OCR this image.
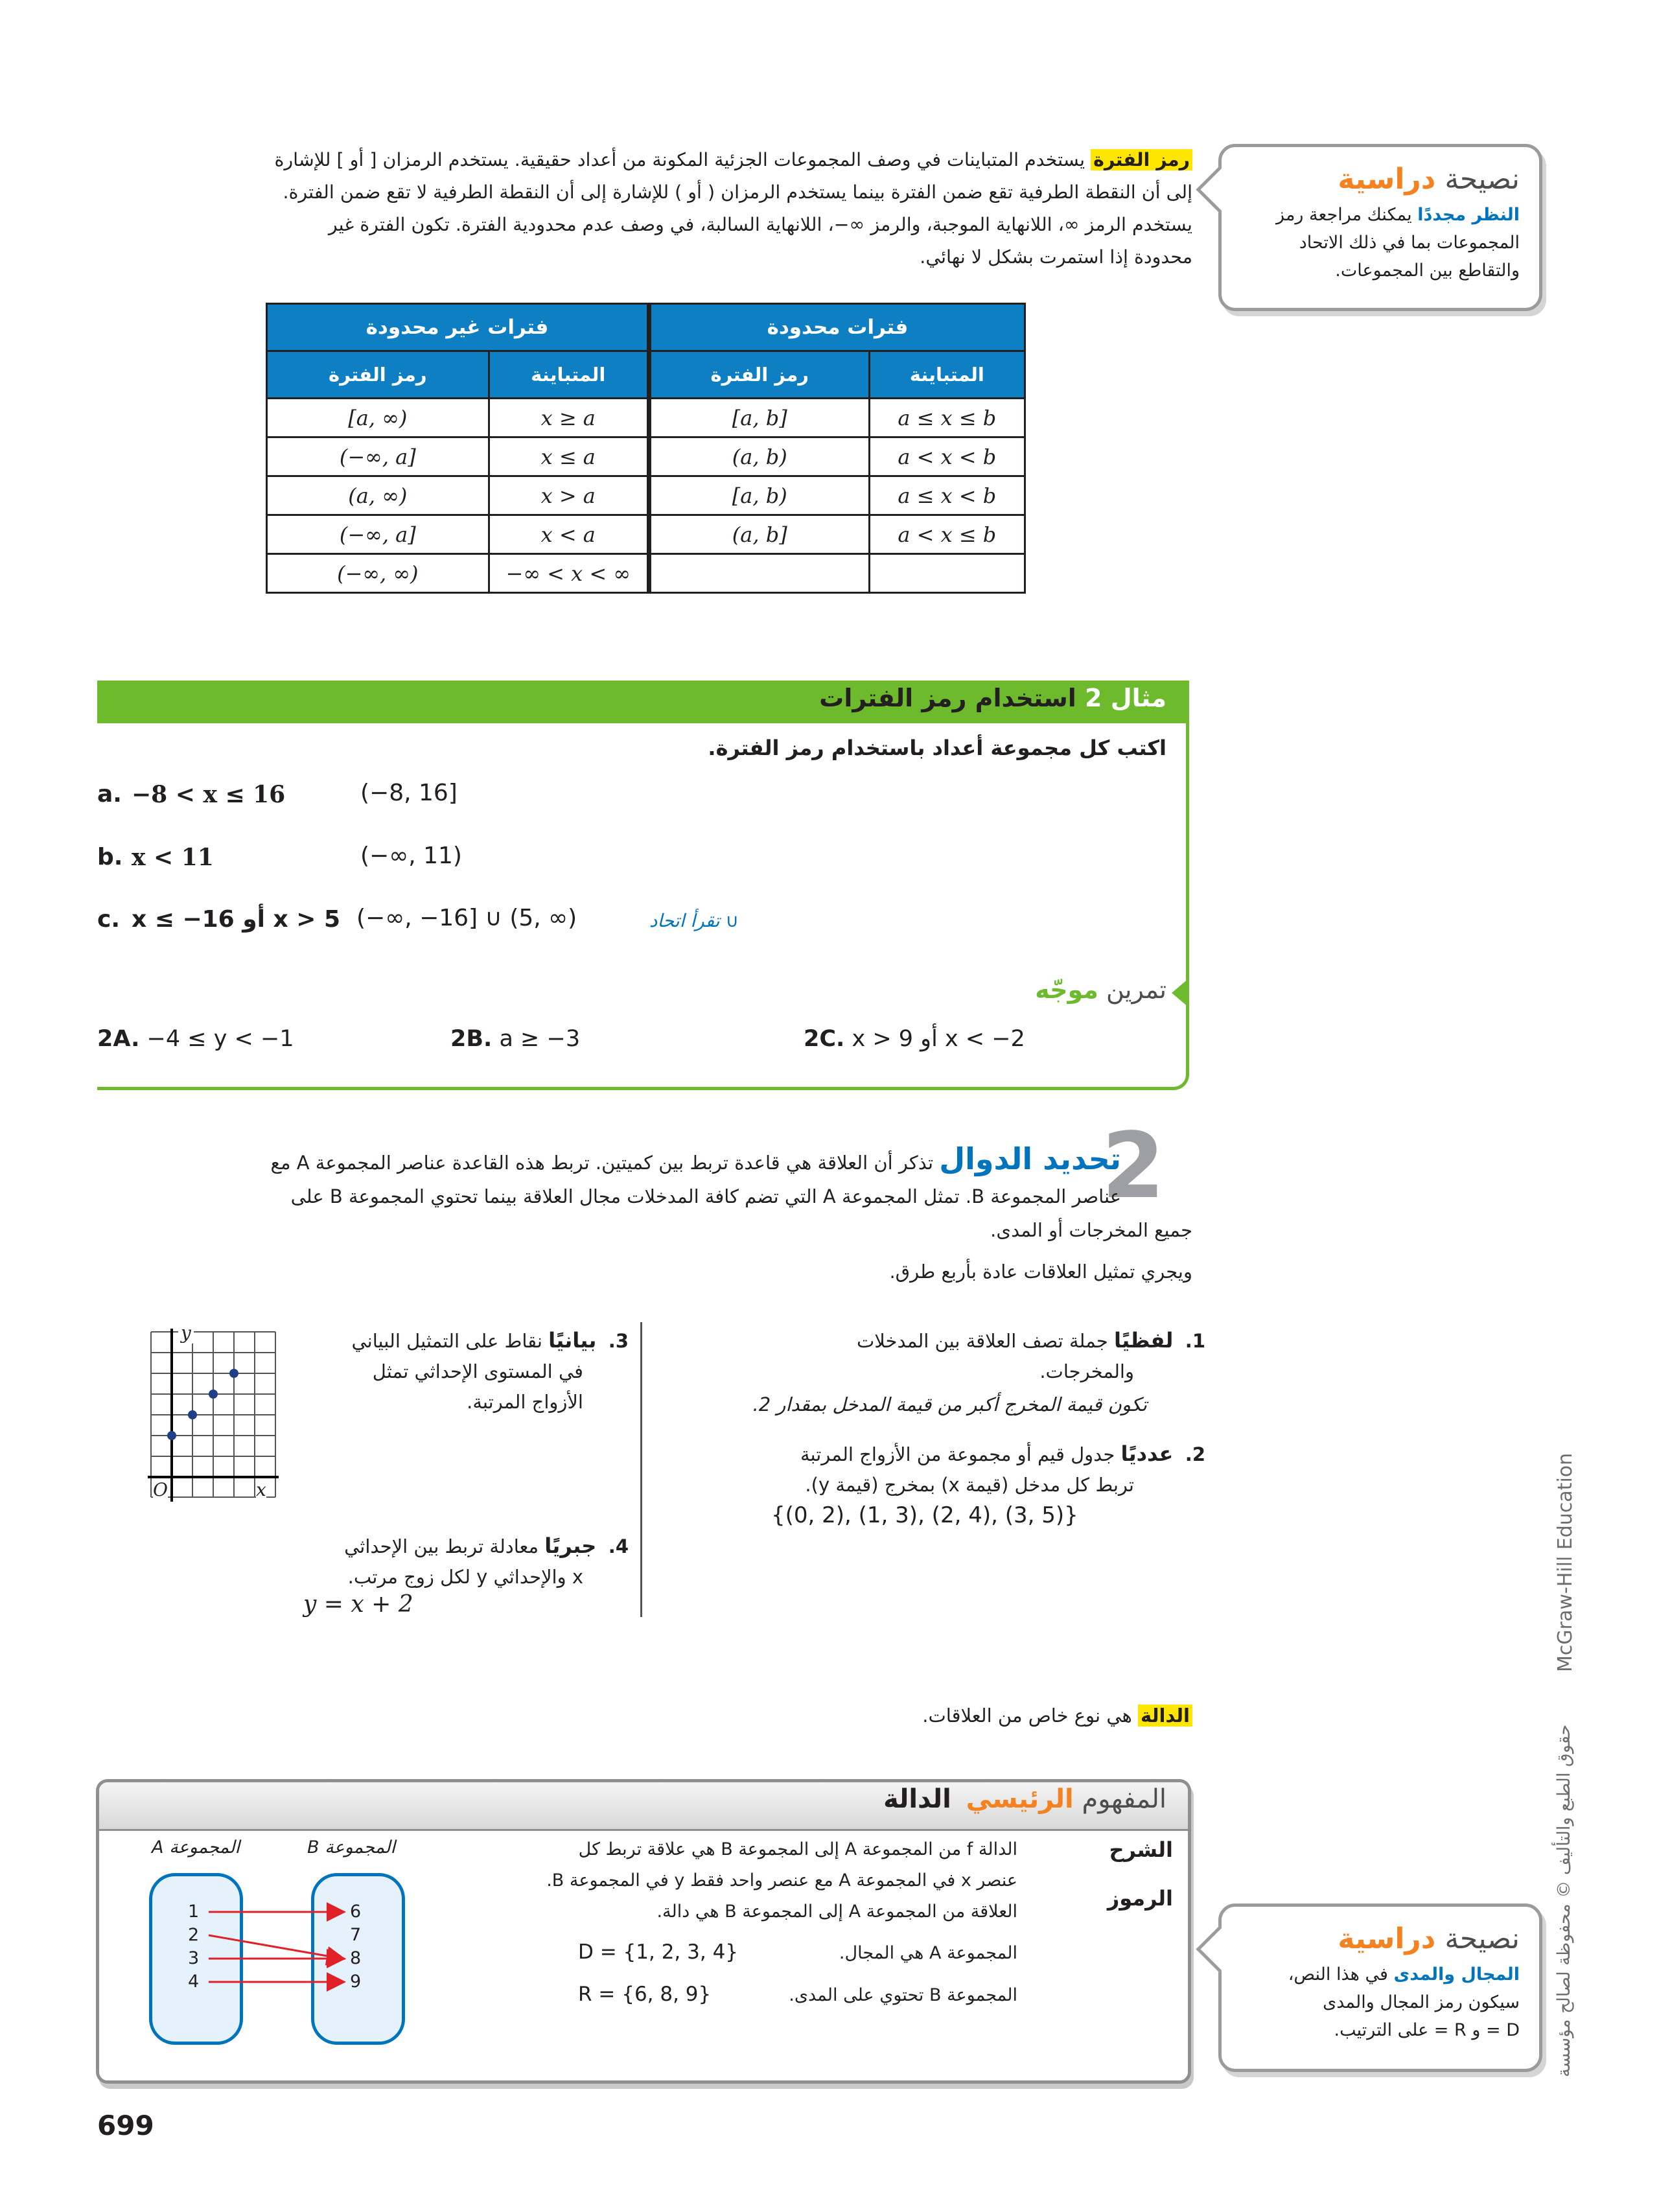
رمز الفترة يستخدم المتباينات في وصف المجموعات الجزئية المكونة من أعداد حقيقية. يستخدم الرمزان [ أو ] للإشارة
إلى أن النقطة الطرفية تقع ضمن الفترة بينما يستخدم الرمزان ( أو ) للإشارة إلى أن النقطة الطرفية لا تقع ضمن الفترة.
يستخدم الرمز ∞، اللانهاية الموجبة، والرمز ∞−، اللانهاية السالبة، في وصف عدم محدودية الفترة. تكون الفترة غير
محدودة إذا استمرت بشكل لا نهائي.
نصيحة دراسية
النظر مجددًا يمكنك مراجعة رمز
المجموعات بما في ذلك الاتحاد
والتقاطع بين المجموعات.
فترات غير محدودة		فترات محدودة	
رمز الفترة	المتباينة	رمز الفترة	المتباينة
[a, ∞)	x ≥ a	[a, b]	a ≤ x ≤ b
(−∞, a]	x ≤ a	(a, b)	a < x < b
(a, ∞)	x > a	[a, b)	a ≤ x < b
(−∞, a]	x < a	(a, b]	a < x ≤ b
(−∞, ∞)	−∞ < x < ∞		
مثال 2 استخدام رمز الفترات
اكتب كل مجموعة أعداد باستخدام رمز الفترة.
a. −8 < x ≤ 16	(−8, 16]
b. x < 11	(−∞, 11)
c. x ≤ −16 أو x > 5 (−∞, −16] ∪ (5, ∞)	∪ تقرأ اتحاد
تمرين موجّه
2A. −4 ≤ y < −1	2B. a ≥ −3	2C. x > 9 أو x < −2
2
تحديد الدوال تذكر أن العلاقة هي قاعدة تربط بين كميتين. تربط هذه القاعدة عناصر المجموعة A مع
عناصر المجموعة B. تمثل المجموعة A التي تضم كافة المدخلات مجال العلاقة بينما تحتوي المجموعة B على
جميع المخرجات أو المدى.
ويجري تمثيل العلاقات عادة بأربع طرق.
1.  لفظيًا جملة تصف العلاقة بين المدخلات
والمخرجات.
تكون قيمة المخرج أكبر من قيمة المدخل بمقدار 2.
2.  عدديًا جدول قيم أو مجموعة من الأزواج المرتبة
تربط كل مدخل (قيمة x) بمخرج (قيمة y).
{(0, 2), (1, 3), (2, 4), (3, 5)}
3.  بيانيًا نقاط على التمثيل البياني
في المستوى الإحداثي تمثل
الأزواج المرتبة.
y
x
O
4.  جبريًا معادلة تربط بين الإحداثي
x والإحداثي y لكل زوج مرتب.
y = x + 2
الدالة هي نوع خاص من العلاقات.
المفهوم الرئيسي الدالة
الشرح
الرموز
الدالة f من المجموعة A إلى المجموعة B هي علاقة تربط كل
عنصر x في المجموعة A مع عنصر واحد فقط y في المجموعة B.
العلاقة من المجموعة A إلى المجموعة B هي دالة.
المجموعة A هي المجال.
D = {1, 2, 3, 4}
المجموعة B تحتوي على المدى.
R = {6, 8, 9}
المجموعة A	المجموعة B
1
2
3
4
6
7
8
9
نصيحة دراسية
المجال والمدى في هذا النص،
سيكون رمز المجال والمدى
D = و R = على الترتيب.
McGraw-Hill Education
حقوق الطبع والتأليف © محفوظة لصالح مؤسسة
699
